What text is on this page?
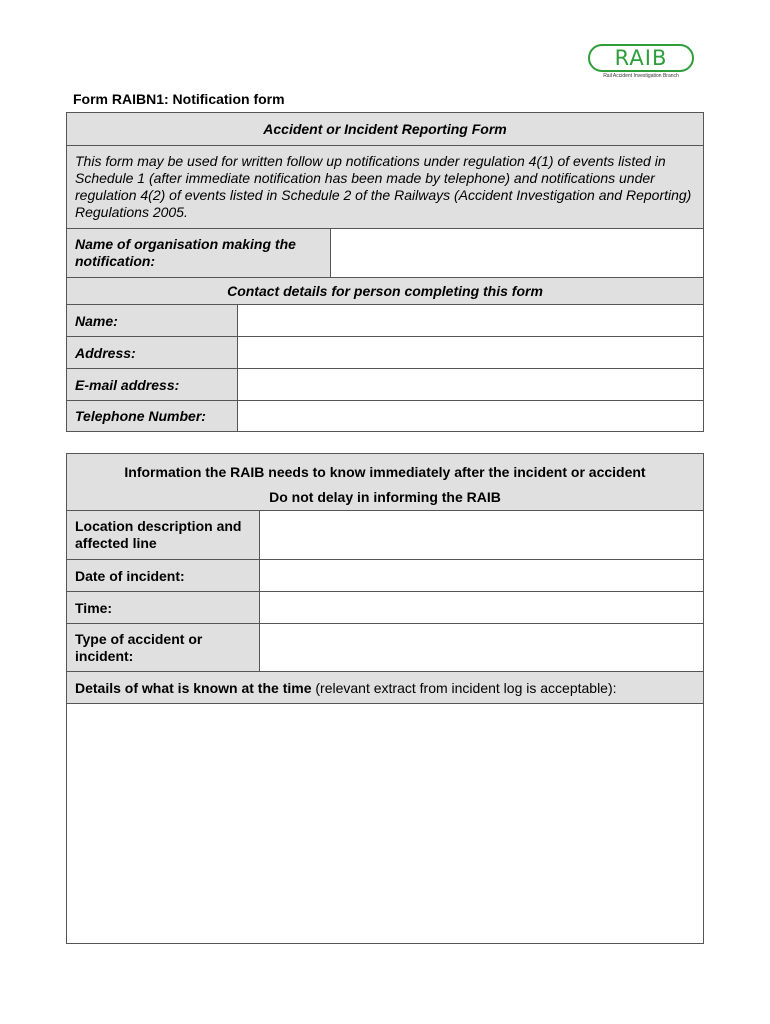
RAIB
Rail Accident Investigation Branch
Form RAIBN1: Notification form
Accident or Incident Reporting Form
This form may be used for written follow up notifications under regulation 4(1) of events listed in Schedule 1 (after immediate notification has been made by telephone) and notifications under regulation 4(2) of events listed in Schedule 2 of the Railways (Accident Investigation and Reporting) Regulations 2005.
Name of organisation making the notification:
Contact details for person completing this form
Name:
Address:
E-mail address:
Telephone Number:
Information the RAIB needs to know immediately after the incident or accident
Do not delay in informing the RAIB
Location description and affected line
Date of incident:
Time:
Type of accident or incident:
Details of what is known at the time (relevant extract from incident log is acceptable):
